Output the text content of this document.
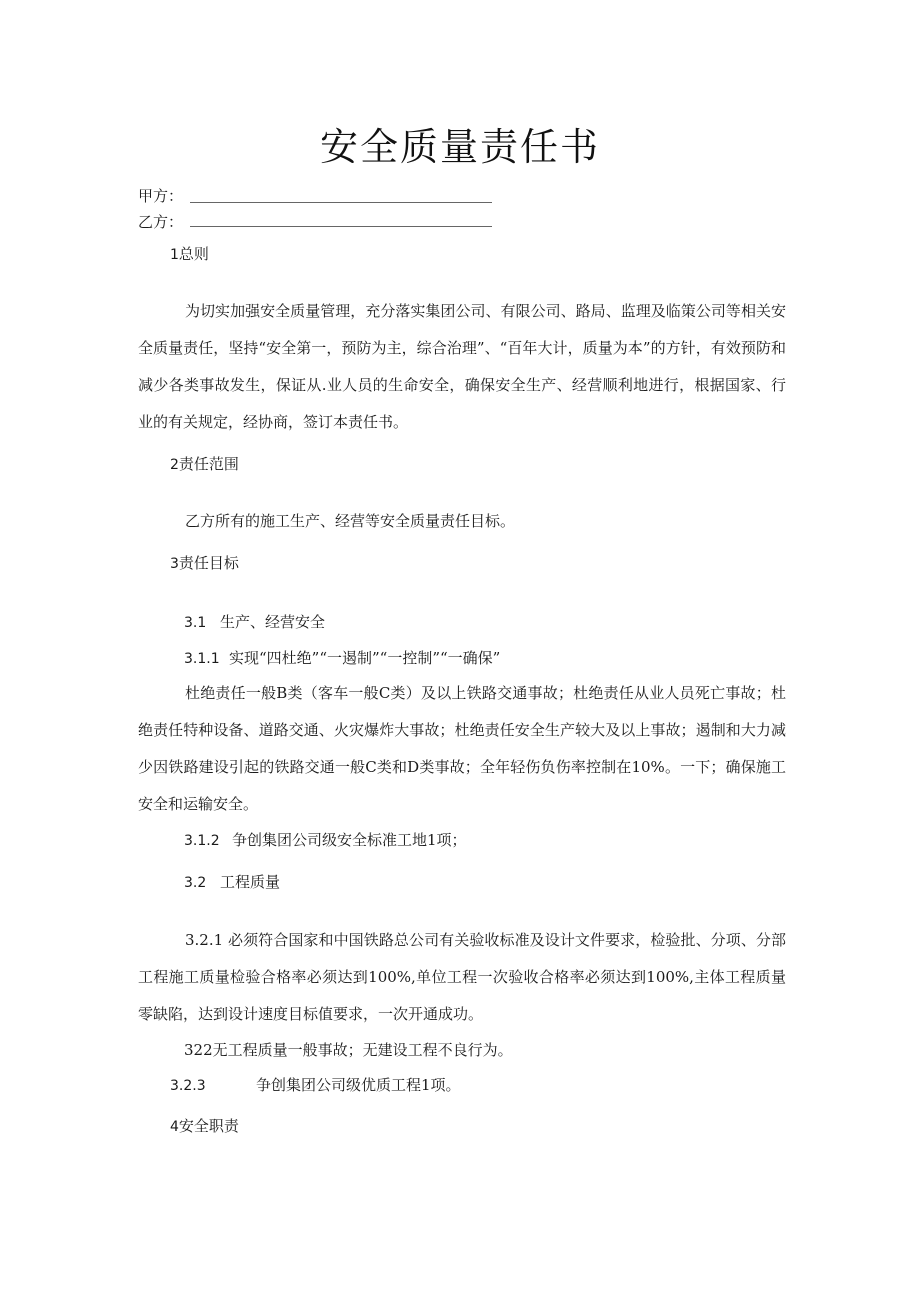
安全质量责任书
甲方：
乙方：
1总则
为切实加强安全质量管理，充分落实集团公司、有限公司、路局、监理及临策公司等相关安全质量责任，坚持“安全第一，预防为主，综合治理”、“百年大计，质量为本”的方针，有效预防和减少各类事故发生，保证从.业人员的生命安全，确保安全生产、经营顺利地进行，根据国家、行业的有关规定，经协商，签订本责任书。
2责任范围
乙方所有的施工生产、经营等安全质量责任目标。
3责任目标
3.1 生产、经营安全
3.1.1 实现“四杜绝”“一遏制”“一控制”“一确保”
杜绝责任一般B类（客车一般C类）及以上铁路交通事故；杜绝责任从业人员死亡事故；杜绝责任特种设备、道路交通、火灾爆炸大事故；杜绝责任安全生产较大及以上事故；遏制和大力减少因铁路建设引起的铁路交通一般C类和D类事故；全年轻伤负伤率控制在10%。一下；确保施工安全和运输安全。
3.1.2 争创集团公司级安全标准工地1项；
3.2 工程质量
3.2.1 必须符合国家和中国铁路总公司有关验收标准及设计文件要求，检验批、分项、分部工程施工质量检验合格率必须达到100%,单位工程一次验收合格率必须达到100%,主体工程质量零缺陷，达到设计速度目标值要求，一次开通成功。
322无工程质量一般事故；无建设工程不良行为。
3.2.3	争创集团公司级优质工程1项。
4安全职责
